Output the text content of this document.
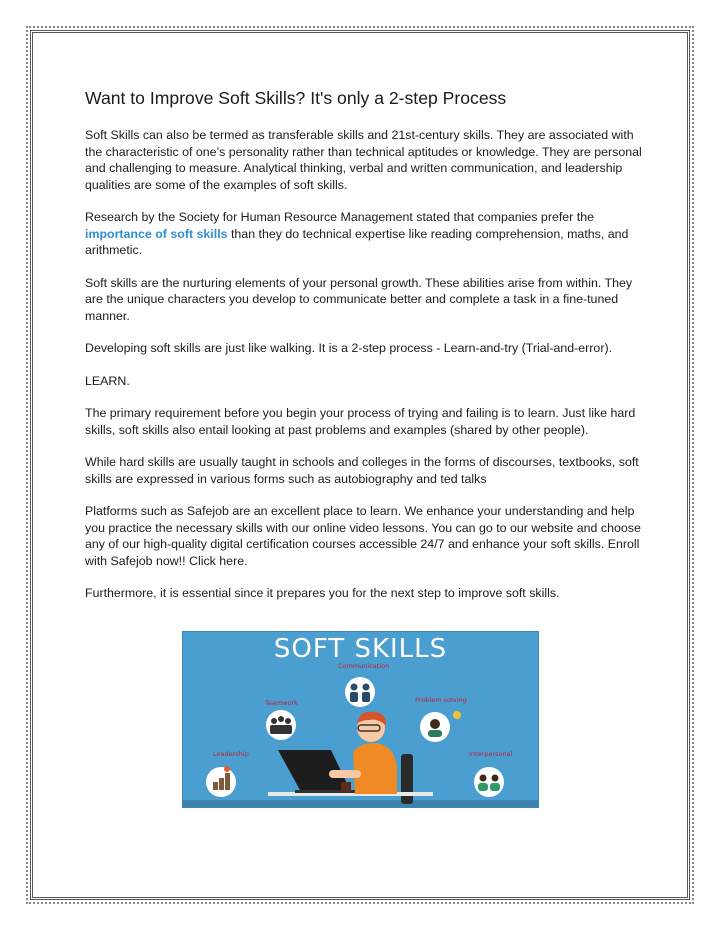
Want to Improve Soft Skills? It's only a 2-step Process

Soft Skills can also be termed as transferable skills and 21st-century skills. They are associated with the characteristic of one’s personality rather than technical aptitudes or knowledge. They are personal and challenging to measure. Analytical thinking, verbal and written communication, and leadership qualities are some of the examples of soft skills.

Research by the Society for Human Resource Management stated that companies prefer the importance of soft skills than they do technical expertise like reading comprehension, maths, and arithmetic.

Soft skills are the nurturing elements of your personal growth. These abilities arise from within. They are the unique characters you develop to communicate better and complete a task in a fine-tuned manner.

Developing soft skills are just like walking. It is a 2-step process - Learn-and-try (Trial-and-error).

LEARN.

The primary requirement before you begin your process of trying and failing is to learn. Just like hard skills, soft skills also entail looking at past problems and examples (shared by other people).

While hard skills are usually taught in schools and colleges in the forms of discourses, textbooks, soft skills are expressed in various forms such as autobiography and ted talks

Platforms such as Safejob are an excellent place to learn. We enhance your understanding and help you practice the necessary skills with our online video lessons. You can go to our website and choose any of our high-quality digital certification courses accessible 24/7 and enhance your soft skills. Enroll with Safejob now!! Click here.

Furthermore, it is essential since it prepares you for the next step to improve soft skills.

SOFT SKILLS
Communication
Teamwork	Problem solving
Leadership	Interpersonal
